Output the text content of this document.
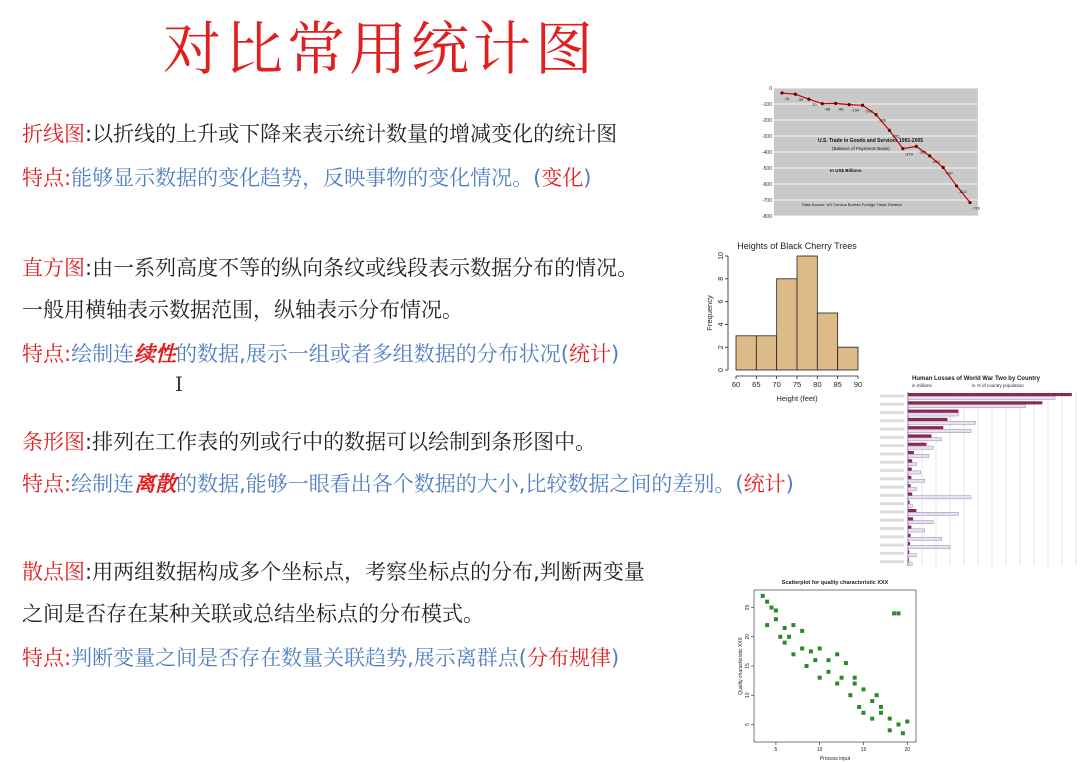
对比常用统计图
折线图:以折线的上升或下降来表示统计数量的增减变化的统计图
特点:能够显示数据的变化趋势，反映事物的变化情况。(变化)
直方图:由一系列高度不等的纵向条纹或线段表示数据分布的情况。
一般用横轴表示数据范围，纵轴表示分布情况。
特点:绘制连续性的数据,展示一组或者多组数据的分布状况(统计)
I
条形图:排列在工作表的列或行中的数据可以绘制到条形图中。
特点:绘制连离散的数据,能够一眼看出各个数据的大小,比较数据之间的差别。(统计)
散点图:用两组数据构成多个坐标点，考察坐标点的分布,判断两变量
之间是否存在某种关联或总结坐标点的分布模式。
特点:判断变量之间是否存在数量关联趋势,展示离群点(分布规律)
0
-100
-200
-300
-400
-500
-600
-700
-800
-31 -39
-70
-98 -96 -104 -108
-166
-265
-379 -365
-424
-497
-612
-716
U.S. Trade in Goods and Services 1991-2005
(Balance of Payments Basis)
In US$ Billions
Data Source: US Census Bureau Foreign Trade Division
Heights of Black Cherry Trees
0
2
4
6
8
10
60 65 70 75 80 85 90
Height (feet)
Frequency
Human Losses of World War Two by Country
in millions	in % of country population
Scatterplot for quality characteristic XXX
5	10	15	20
5
10
15
20
25
Process input
Quality characteristic XXX
